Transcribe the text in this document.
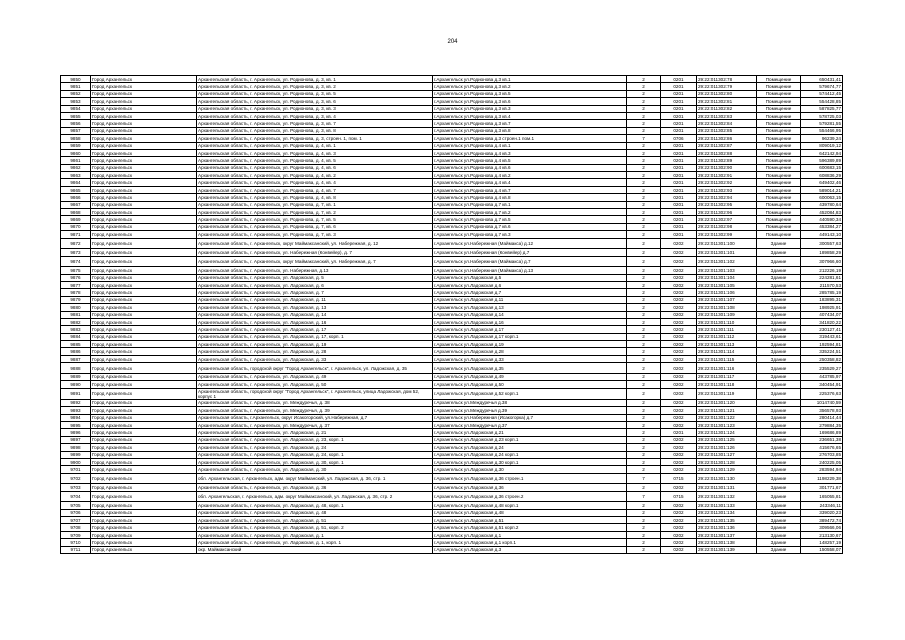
204
9850	Город Архангельск	Архангельская область, г. Архангельск, ул. Родионова, д. 3, кв. 1	г.Архангельск ул.Родионова д.3 кв.1	2	0201	29:22:011302:78	Помещение	650431,41
9851	Город Архангельск	Архангельская область, г. Архангельск, ул. Родионова, д. 3, кв. 2	г.Архангельск ул.Родионова д.3 кв.2	2	0201	29:22:011302:79	Помещение	579674,77
9852	Город Архангельск	Архангельская область, г. Архангельск, ул. Родионова, д. 3, кв. 5	г.Архангельск ул.Родионова д.3 кв.5	2	0201	29:22:011302:80	Помещение	574412,45
9853	Город Архангельск	Архангельская область, г. Архангельск, ул. Родионова, д. 3, кв. 6	г.Архангельск ул.Родионова д.3 кв.6	2	0201	29:22:011302:81	Помещение	554428,85
9854	Город Архангельск	Архангельская область, г. Архангельск, ул. Родионова, д. 3, кв. 3	г.Архангельск ул.Родионова д.3 кв.3	2	0201	29:22:011302:82	Помещение	587825,77
9855	Город Архангельск	Архангельская область, г. Архангельск, ул. Родионова, д. 3, кв. 4	г.Архангельск ул.Родионова д.3 кв.4	2	0201	29:22:011302:83	Помещение	578725,03
9856	Город Архангельск	Архангельская область, г. Архангельск, ул. Родионова, д. 3, кв. 7	г.Архангельск ул.Родионова д.3 кв.7	2	0201	29:22:011302:84	Помещение	579281,55
9857	Город Архангельск	Архангельская область, г. Архангельск, ул. Родионова, д. 3, кв. 8	г.Архангельск ул.Родионова д.3 кв.8	2	0201	29:22:011302:85	Помещение	554466,95
9858	Город Архангельск	Архангельская область, г. Архангельск, ул. Родионова, д. 3, строен. 1, пом. 1	г.Архангельск ул.Родионова д.3 строен.1 пом.1	7	0706	29:22:011302:86	Помещение	96239,24
9859	Город Архангельск	Архангельская область, г. Архангельск, ул. Родионова, д. 4, кв. 1	г.Архангельск ул.Родионова д.4 кв.1	2	0201	29:22:011302:87	Помещение	809019,12
9860	Город Архангельск	Архангельская область, г. Архангельск, ул. Родионова, д. 4, кв. 3	г.Архангельск ул.Родионова д.4 кв.3	2	0201	29:22:011302:88	Помещение	642142,94
9861	Город Архангельск	Архангельская область, г. Архангельск, ул. Родионова, д. 4, кв. 5	г.Архангельск ул.Родионова д.4 кв.5	2	0201	29:22:011302:89	Помещение	596389,89
9862	Город Архангельск	Архангельская область, г. Архангельск, ул. Родионова, д. 4, кв. 6	г.Архангельск ул.Родионова д.4 кв.6	2	0201	29:22:011302:90	Помещение	600683,15
9863	Город Архангельск	Архангельская область, г. Архангельск, ул. Родионова, д. 4, кв. 2	г.Архангельск ул.Родионова д.4 кв.2	2	0201	29:22:011302:91	Помещение	608836,29
9864	Город Архангельск	Архангельская область, г. Архангельск, ул. Родионова, д. 4, кв. 4	г.Архангельск ул.Родионова д.4 кв.4	2	0201	29:22:011302:92	Помещение	649402,46
9865	Город Архангельск	Архангельская область, г. Архангельск, ул. Родионова, д. 4, кв. 7	г.Архангельск ул.Родионова д.4 кв.7	2	0201	29:22:011302:93	Помещение	589014,21
9866	Город Архангельск	Архангельская область, г. Архангельск, ул. Родионова, д. 4, кв. 8	г.Архангельск ул.Родионова д.4 кв.8	2	0201	29:22:011302:94	Помещение	600063,15
9867	Город Архангельск	Архангельская область, г. Архангельск, ул. Родионова, д. 7, кв. 1	г.Архангельск ул.Родионова д.7 кв.1	2	0201	29:22:011302:95	Помещение	439780,64
9868	Город Архангельск	Архангельская область, г. Архангельск, ул. Родионова, д. 7, кв. 2	г.Архангельск ул.Родионова д.7 кв.2	2	0201	29:22:011302:96	Помещение	452084,83
9869	Город Архангельск	Архангельская область, г. Архангельск, ул. Родионова, д. 7, кв. 5	г.Архангельск ул.Родионова д.7 кв.5	2	0201	29:22:011302:97	Помещение	440590,34
9870	Город Архангельск	Архангельская область, г. Архангельск, ул. Родионова, д. 7, кв. 6	г.Архангельск ул.Родионова д.7 кв.6	2	0201	29:22:011302:98	Помещение	453384,27
9871	Город Архангельск	Архангельская область, г. Архангельск, ул. Родионова, д. 7, кв. 3	г.Архангельск ул.Родионова д.7 кв.3	2	0201	29:22:011302:99	Помещение	449143,10
9872	Город Архангельск	Архангельская область, г. Архангельск, округ Маймаксанский, ул. Набережная, д. 12	г.Архангельск ул.Набережная (Маймакса) д.12	2	0202	29:22:011301:100	Здание	300557,63
9873	Город Архангельск	Архангельская область, г. Архангельск, ул. Набережная (Конвейер), д. 7	г.Архангельск ул.Набережная (Конвейер) д.7	2	0202	29:22:011301:101	Здание	189858,29
9874	Город Архангельск	Архангельская область, г. Архангельск, округ Маймаксанский, ул. Набережная, д. 7	г.Архангельск ул.Набережная (Маймакса) д.7	2	0202	29:22:011301:102	Здание	307966,60
9875	Город Архангельск	Архангельская область, г. Архангельск, ул. Набережная, д.13	г.Архангельск ул.Набережная (Маймакса) д.13	2	0202	29:22:011301:103	Здание	212226,19
9876	Город Архангельск	Архангельская область, г. Архангельск, ул. Ладожская, д. 5	г.Архангельск ул.Ладожская д.5	2	0202	29:22:011301:104	Здание	224281,61
9877	Город Архангельск	Архангельская область, г. Архангельск, ул. Ладожская, д. 6	г.Архангельск ул.Ладожская д.6	2	0202	29:22:011301:105	Здание	211570,53
9878	Город Архангельск	Архангельская область, г. Архангельск, ул. Ладожская, д. 7	г.Архангельск ул.Ладожская д.7	2	0202	29:22:011301:106	Здание	285785,19
9879	Город Архангельск	Архангельская область, г. Архангельск, ул. Ладожская, д. 11	г.Архангельск ул.Ладожская д.11	2	0202	29:22:011301:107	Здание	183895,31
9880	Город Архангельск	Архангельская область, г. Архангельск, ул. Ладожская, д. 13	г.Архангельск ул.Ладожская д.13	2	0202	29:22:011301:108	Здание	198925,91
9881	Город Архангельск	Архангельская область, г. Архангельск, ул. Ладожская, д. 14	г.Архангельск ул.Ладожская д.14	2	0202	29:22:011301:109	Здание	407434,07
9882	Город Архангельск	Архангельская область, г. Архангельск, ул. Ладожская, д. 16	г.Архангельск ул.Ладожская д.16	2	0202	29:22:011301:110	Здание	341820,22
9883	Город Архангельск	Архангельская область, г. Архангельск, ул. Ладожская, д. 17	г.Архангельск ул.Ладожская д.17	2	0202	29:22:011301:111	Здание	230127,41
9884	Город Архангельск	Архангельская область, г. Архангельск, ул. Ладожская, д. 17, корп. 1	г.Архангельск ул.Ладожская д.17 корп.1	2	0202	29:22:011301:112	Здание	319443,61
9885	Город Архангельск	Архангельская область, г. Архангельск, ул. Ладожская, д. 19	г.Архангельск ул.Ладожская д.19	2	0202	29:22:011301:113	Здание	192594,81
9886	Город Архангельск	Архангельская область, г. Архангельск, ул. Ладожская, д. 28	г.Архангельск ул.Ладожская д.28	2	0202	29:22:011301:114	Здание	335224,51
9887	Город Архангельск	Архангельская область, г. Архангельск, ул. Ладожская, д. 33	г.Архангельск ул.Ладожская д.33	2	0202	29:22:011301:115	Здание	250358,82
9888	Город Архангельск	Архангельская область, городской округ "Город Архангельск", г. Архангельск, ул. Ладожская, д. 35	г.Архангельск ул.Ладожская д.35	2	0202	29:22:011301:116	Здание	235529,27
9889	Город Архангельск	Архангельская область, г. Архангельск, ул. Ладожская, д. 49	г.Архангельск ул.Ладожская д.49	2	0202	29:22:011301:117	Здание	443785,97
9890	Город Архангельск	Архангельская область, г. Архангельск, ул. Ладожская, д. 50	г.Архангельск ул.Ладожская д.50	2	0202	29:22:011301:118	Здание	340454,91
9891	Город Архангельск	Архангельская область, городской округ "Город Архангельск", г. Архангельск, улица Ладожская, дом 52, корпус 1	г.Архангельск ул.Ладожская д.52 корп.1	2	0202	29:22:011301:119	Здание	225376,63
9892	Город Архангельск	Архангельская область, г. Архангельск, ул. Междуречья, д. 38	г.Архангельск ул.Междуречья д.38	2	0202	29:22:011301:120	Здание	1014740,59
9893	Город Архангельск	Архангельская область, г. Архангельск, ул. Междуречья, д. 39	г.Архангельск ул.Междуречья д.39	2	0202	29:22:011301:121	Здание	356578,93
9894	Город Архангельск	Архангельская область, г.Архангельск, округ Исакогорский, ул.Набережная, д.7	г.Архангельск ул.Набережная (Исакогорка) д.7	2	0202	29:22:011301:122	Здание	280414,44
9895	Город Архангельск	Архангельская область, г. Архангельск, ул. Междуречья, д. 37	г.Архангельск ул.Междуречья д.37	2	0202	29:22:011301:123	Здание	279884,35
9896	Город Архангельск	Архангельская область, г. Архангельск, ул. Ладожская, д. 21	г.Архангельск ул.Ладожская д.21	2	0201	29:22:011301:124	Здание	169686,89
9897	Город Архангельск	Архангельская область, г. Архангельск, ул. Ладожская, д. 23, корп. 1	г.Архангельск ул.Ладожская д.23 корп.1	2	0202	29:22:011301:125	Здание	236651,38
9898	Город Архангельск	Архангельская область, г. Архангельск, ул. Ладожская, д. 24	г.Архангельск ул.Ладожская д.24	2	0202	29:22:011301:126	Здание	415676,65
9899	Город Архангельск	Архангельская область, г. Архангельск, ул. Ладожская, д. 24, корп. 1	г.Архангельск ул.Ладожская д.24 корп.1	2	0202	29:22:011301:127	Здание	276703,85
9900	Город Архангельск	Архангельская область, г. Архангельск, ул. Ладожская, д. 30, корп. 1	г.Архангельск ул.Ладожская д.30 корп.1	2	0202	29:22:011301:128	Здание	240225,05
9701	Город Архангельск	Архангельская область, г. Архангельск, ул. Ладожская, д. 30	г.Архангельск ул.Ладожская д.30	2	0202	29:22:011301:129	Здание	283594,94
9702	Город Архангельск	обл. Архангельская, г. Архангельск, адм. округ Майманский, ул. Ладожская, д. 36, стр. 1	г.Архангельск ул.Ладожская д.36 строен.1	7	0715	29:22:011301:130	Здание	1198229,38
9703	Город Архангельск	Архангельская область, г. Архангельск, ул. Ладожская, д. 36	г.Архангельск ул.Ладожская д.36	2	0202	29:22:011301:131	Здание	301771,67
9704	Город Архангельск	обл. Архангельская, г. Архангельск, адм. округ Маймаксанский, ул. Ладожская, д. 36, стр. 2	г.Архангельск ул.Ладожская д.36 строен.2	7	0715	29:22:011301:132	Здание	165055,81
9705	Город Архангельск	Архангельская область, г. Архангельск, ул. Ладожская, д. 48, корп. 1	г.Архангельск ул.Ладожская д.48 корп.1	2	0202	29:22:011301:133	Здание	243346,11
9706	Город Архангельск	Архангельская область, г. Архангельск, ул. Ладожская, д. 48	г.Архангельск ул.Ладожская д.48	2	0202	29:22:011301:134	Здание	339020,23
9707	Город Архангельск	Архангельская область, г. Архангельск, ул. Ладожская, д. 51	г.Архангельск ул.Ладожская д.51	2	0202	29:22:011301:135	Здание	389472,74
9708	Город Архангельск	Архангельская область, г. Архангельск, ул. Ладожская, д. 51, корп. 2	г.Архангельск ул.Ладожская д.51 корп.2	2	0202	29:22:011301:136	Здание	309566,06
9709	Город Архангельск	Архангельская область, г. Архангельск, ул. Ладожская, д. 1	г.Архангельск ул.Ладожская д.1	2	0202	29:22:011301:137	Здание	213130,67
9710	Город Архангельск	Архангельская область, г. Архангельск, ул. Ладожская, д. 1, корп. 1	г.Архангельск ул.Ладожская д.1 корп.1	2	0202	29:22:011301:138	Здание	148257,19
9711	Город Архангельск	окр. Маймаксанский	г.Архангельск ул.Ладожская д.3	2	0202	29:22:011301:139	Здание	150558,07
